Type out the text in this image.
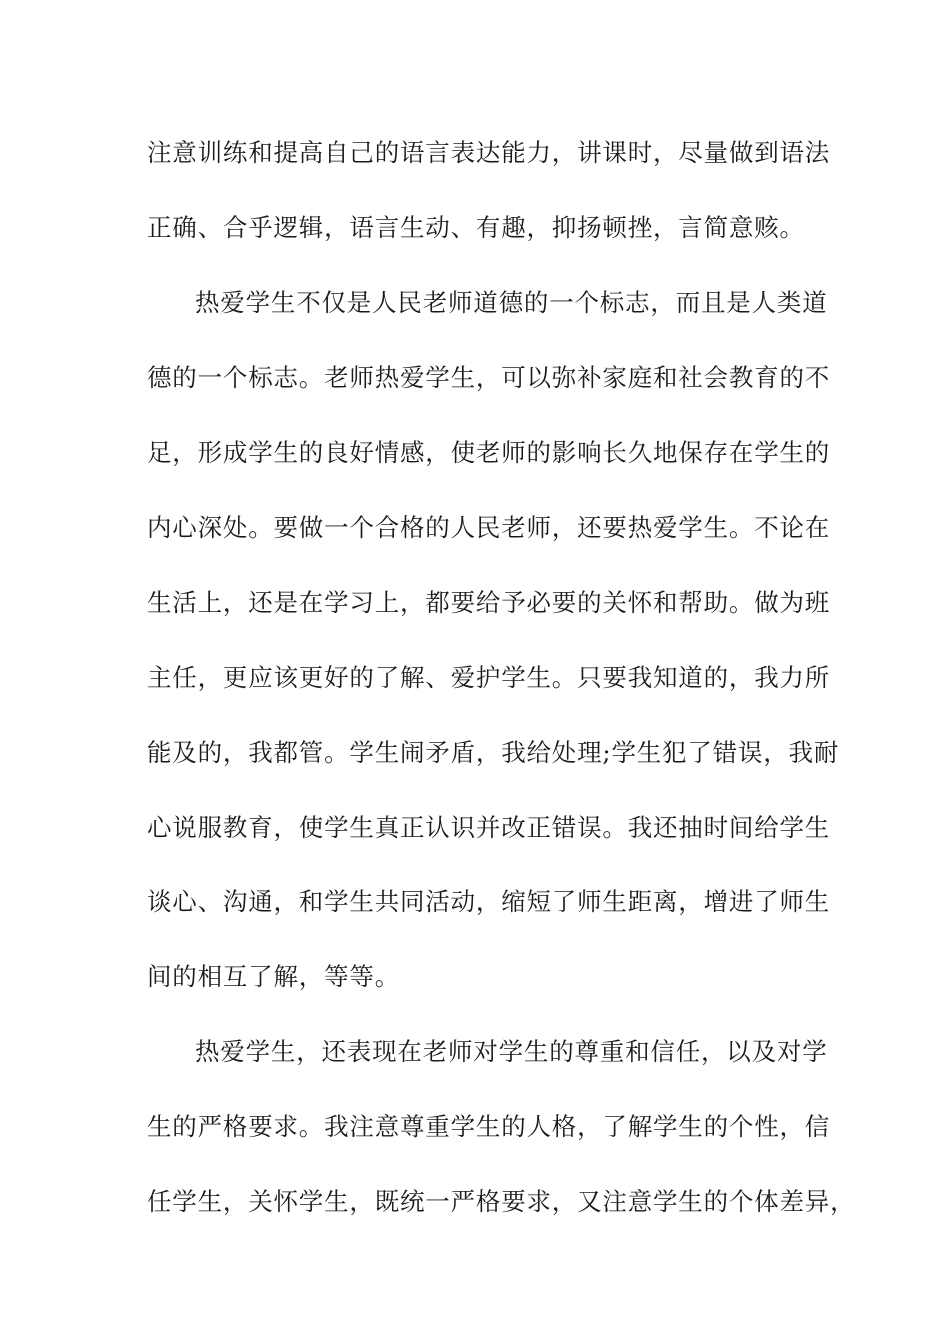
注意训练和提高自己的语言表达能力，讲课时，尽量做到语法
正确、合乎逻辑，语言生动、有趣，抑扬顿挫，言简意赅。
热爱学生不仅是人民老师道德的一个标志，而且是人类道
德的一个标志。老师热爱学生，可以弥补家庭和社会教育的不
足，形成学生的良好情感，使老师的影响长久地保存在学生的
内心深处。要做一个合格的人民老师，还要热爱学生。不论在
生活上，还是在学习上，都要给予必要的关怀和帮助。做为班
主任，更应该更好的了解、爱护学生。只要我知道的，我力所
能及的，我都管。学生闹矛盾，我给处理;学生犯了错误，我耐
心说服教育，使学生真正认识并改正错误。我还抽时间给学生
谈心、沟通，和学生共同活动，缩短了师生距离，增进了师生
间的相互了解，等等。
热爱学生，还表现在老师对学生的尊重和信任，以及对学
生的严格要求。我注意尊重学生的人格，了解学生的个性，信
任学生，关怀学生，既统一严格要求，又注意学生的个体差异，
